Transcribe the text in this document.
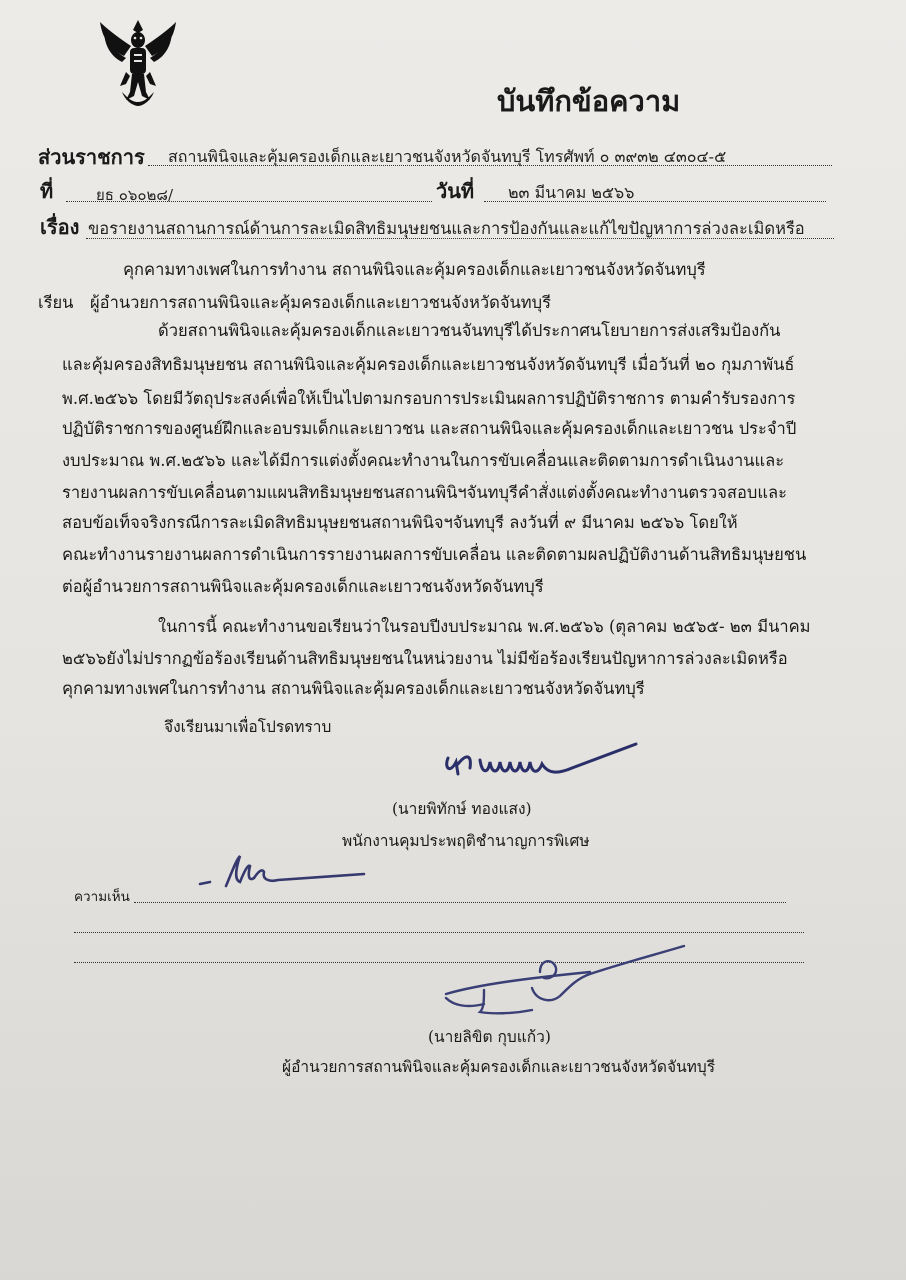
บันทึกข้อความ
ส่วนราชการ สถานพินิจและคุ้มครองเด็กและเยาวชนจังหวัดจันทบุรี โทรศัพท์ ๐ ๓๙๓๒ ๔๓๐๔-๕
ที่	ยธ ๐๖๐๒๘/	วันที่ ๒๓ มีนาคม ๒๕๖๖
เรื่อง ขอรายงานสถานการณ์ด้านการละเมิดสิทธิมนุษยชนและการป้องกันและแก้ไขปัญหาการล่วงละเมิดหรือ
คุกคามทางเพศในการทำงาน สถานพินิจและคุ้มครองเด็กและเยาวชนจังหวัดจันทบุรี
เรียน ผู้อำนวยการสถานพินิจและคุ้มครองเด็กและเยาวชนจังหวัดจันทบุรี
ด้วยสถานพินิจและคุ้มครองเด็กและเยาวชนจันทบุรีได้ประกาศนโยบายการส่งเสริมป้องกัน
และคุ้มครองสิทธิมนุษยชน สถานพินิจและคุ้มครองเด็กและเยาวชนจังหวัดจันทบุรี เมื่อวันที่ ๒๐ กุมภาพันธ์
พ.ศ.๒๕๖๖ โดยมีวัตถุประสงค์เพื่อให้เป็นไปตามกรอบการประเมินผลการปฏิบัติราชการ ตามคำรับรองการ
ปฏิบัติราชการของศูนย์ฝึกและอบรมเด็กและเยาวชน และสถานพินิจและคุ้มครองเด็กและเยาวชน ประจำปี
งบประมาณ พ.ศ.๒๕๖๖ และได้มีการแต่งตั้งคณะทำงานในการขับเคลื่อนและติดตามการดำเนินงานและ
รายงานผลการขับเคลื่อนตามแผนสิทธิมนุษยชนสถานพินิฯจันทบุรีคำสั่งแต่งตั้งคณะทำงานตรวจสอบและ
สอบข้อเท็จจริงกรณีการละเมิดสิทธิมนุษยชนสถานพินิจฯจันทบุรี ลงวันที่ ๙ มีนาคม ๒๕๖๖ โดยให้
คณะทำงานรายงานผลการดำเนินการรายงานผลการขับเคลื่อน และติดตามผลปฏิบัติงานด้านสิทธิมนุษยชน
ต่อผู้อำนวยการสถานพินิจและคุ้มครองเด็กและเยาวชนจังหวัดจันทบุรี
ในการนี้ คณะทำงานขอเรียนว่าในรอบปีงบประมาณ พ.ศ.๒๕๖๖ (ตุลาคม ๒๕๖๕- ๒๓ มีนาคม
๒๕๖๖ยังไม่ปรากฏข้อร้องเรียนด้านสิทธิมนุษยชนในหน่วยงาน ไม่มีข้อร้องเรียนปัญหาการล่วงละเมิดหรือ
คุกคามทางเพศในการทำงาน สถานพินิจและคุ้มครองเด็กและเยาวชนจังหวัดจันทบุรี
จึงเรียนมาเพื่อโปรดทราบ
(นายพิทักษ์ ทองแสง)
พนักงานคุมประพฤติชำนาญการพิเศษ
ความเห็น
(นายลิขิต กุบแก้ว)
ผู้อำนวยการสถานพินิจและคุ้มครองเด็กและเยาวชนจังหวัดจันทบุรี
